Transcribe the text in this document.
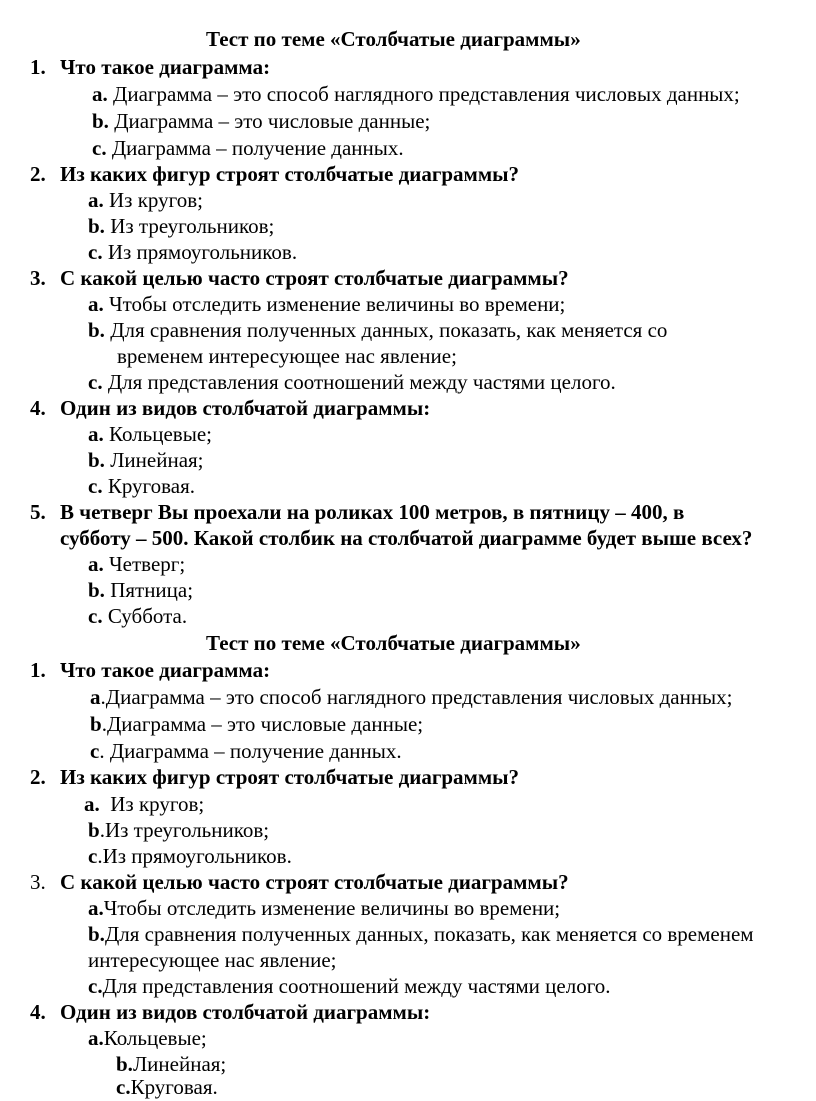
Тест по теме «Столбчатые диаграммы»
1. Что такое диаграмма:
a. Диаграмма – это способ наглядного представления числовых данных;
b. Диаграмма – это числовые данные;
c. Диаграмма – получение данных.
2. Из каких фигур строят столбчатые диаграммы?
a. Из кругов;
b. Из треугольников;
c. Из прямоугольников.
3. С какой целью часто строят столбчатые диаграммы?
a. Чтобы отследить изменение величины во времени;
b. Для сравнения полученных данных, показать, как меняется со
временем интересующее нас явление;
c. Для представления соотношений между частями целого.
4. Один из видов столбчатой диаграммы:
a. Кольцевые;
b. Линейная;
c. Круговая.
5. В четверг Вы проехали на роликах 100 метров, в пятницу – 400, в
субботу – 500. Какой столбик на столбчатой диаграмме будет выше всех?
a. Четверг;
b. Пятница;
c. Суббота.
Тест по теме «Столбчатые диаграммы»
1. Что такое диаграмма:
a.Диаграмма – это способ наглядного представления числовых данных;
b.Диаграмма – это числовые данные;
c. Диаграмма – получение данных.
2. Из каких фигур строят столбчатые диаграммы?
a. Из кругов;
b.Из треугольников;
c.Из прямоугольников.
3. С какой целью часто строят столбчатые диаграммы?
a.Чтобы отследить изменение величины во времени;
b.Для сравнения полученных данных, показать, как меняется со временем
интересующее нас явление;
c.Для представления соотношений между частями целого.
4. Один из видов столбчатой диаграммы:
a.Кольцевые;
b.Линейная;
c.Круговая.
